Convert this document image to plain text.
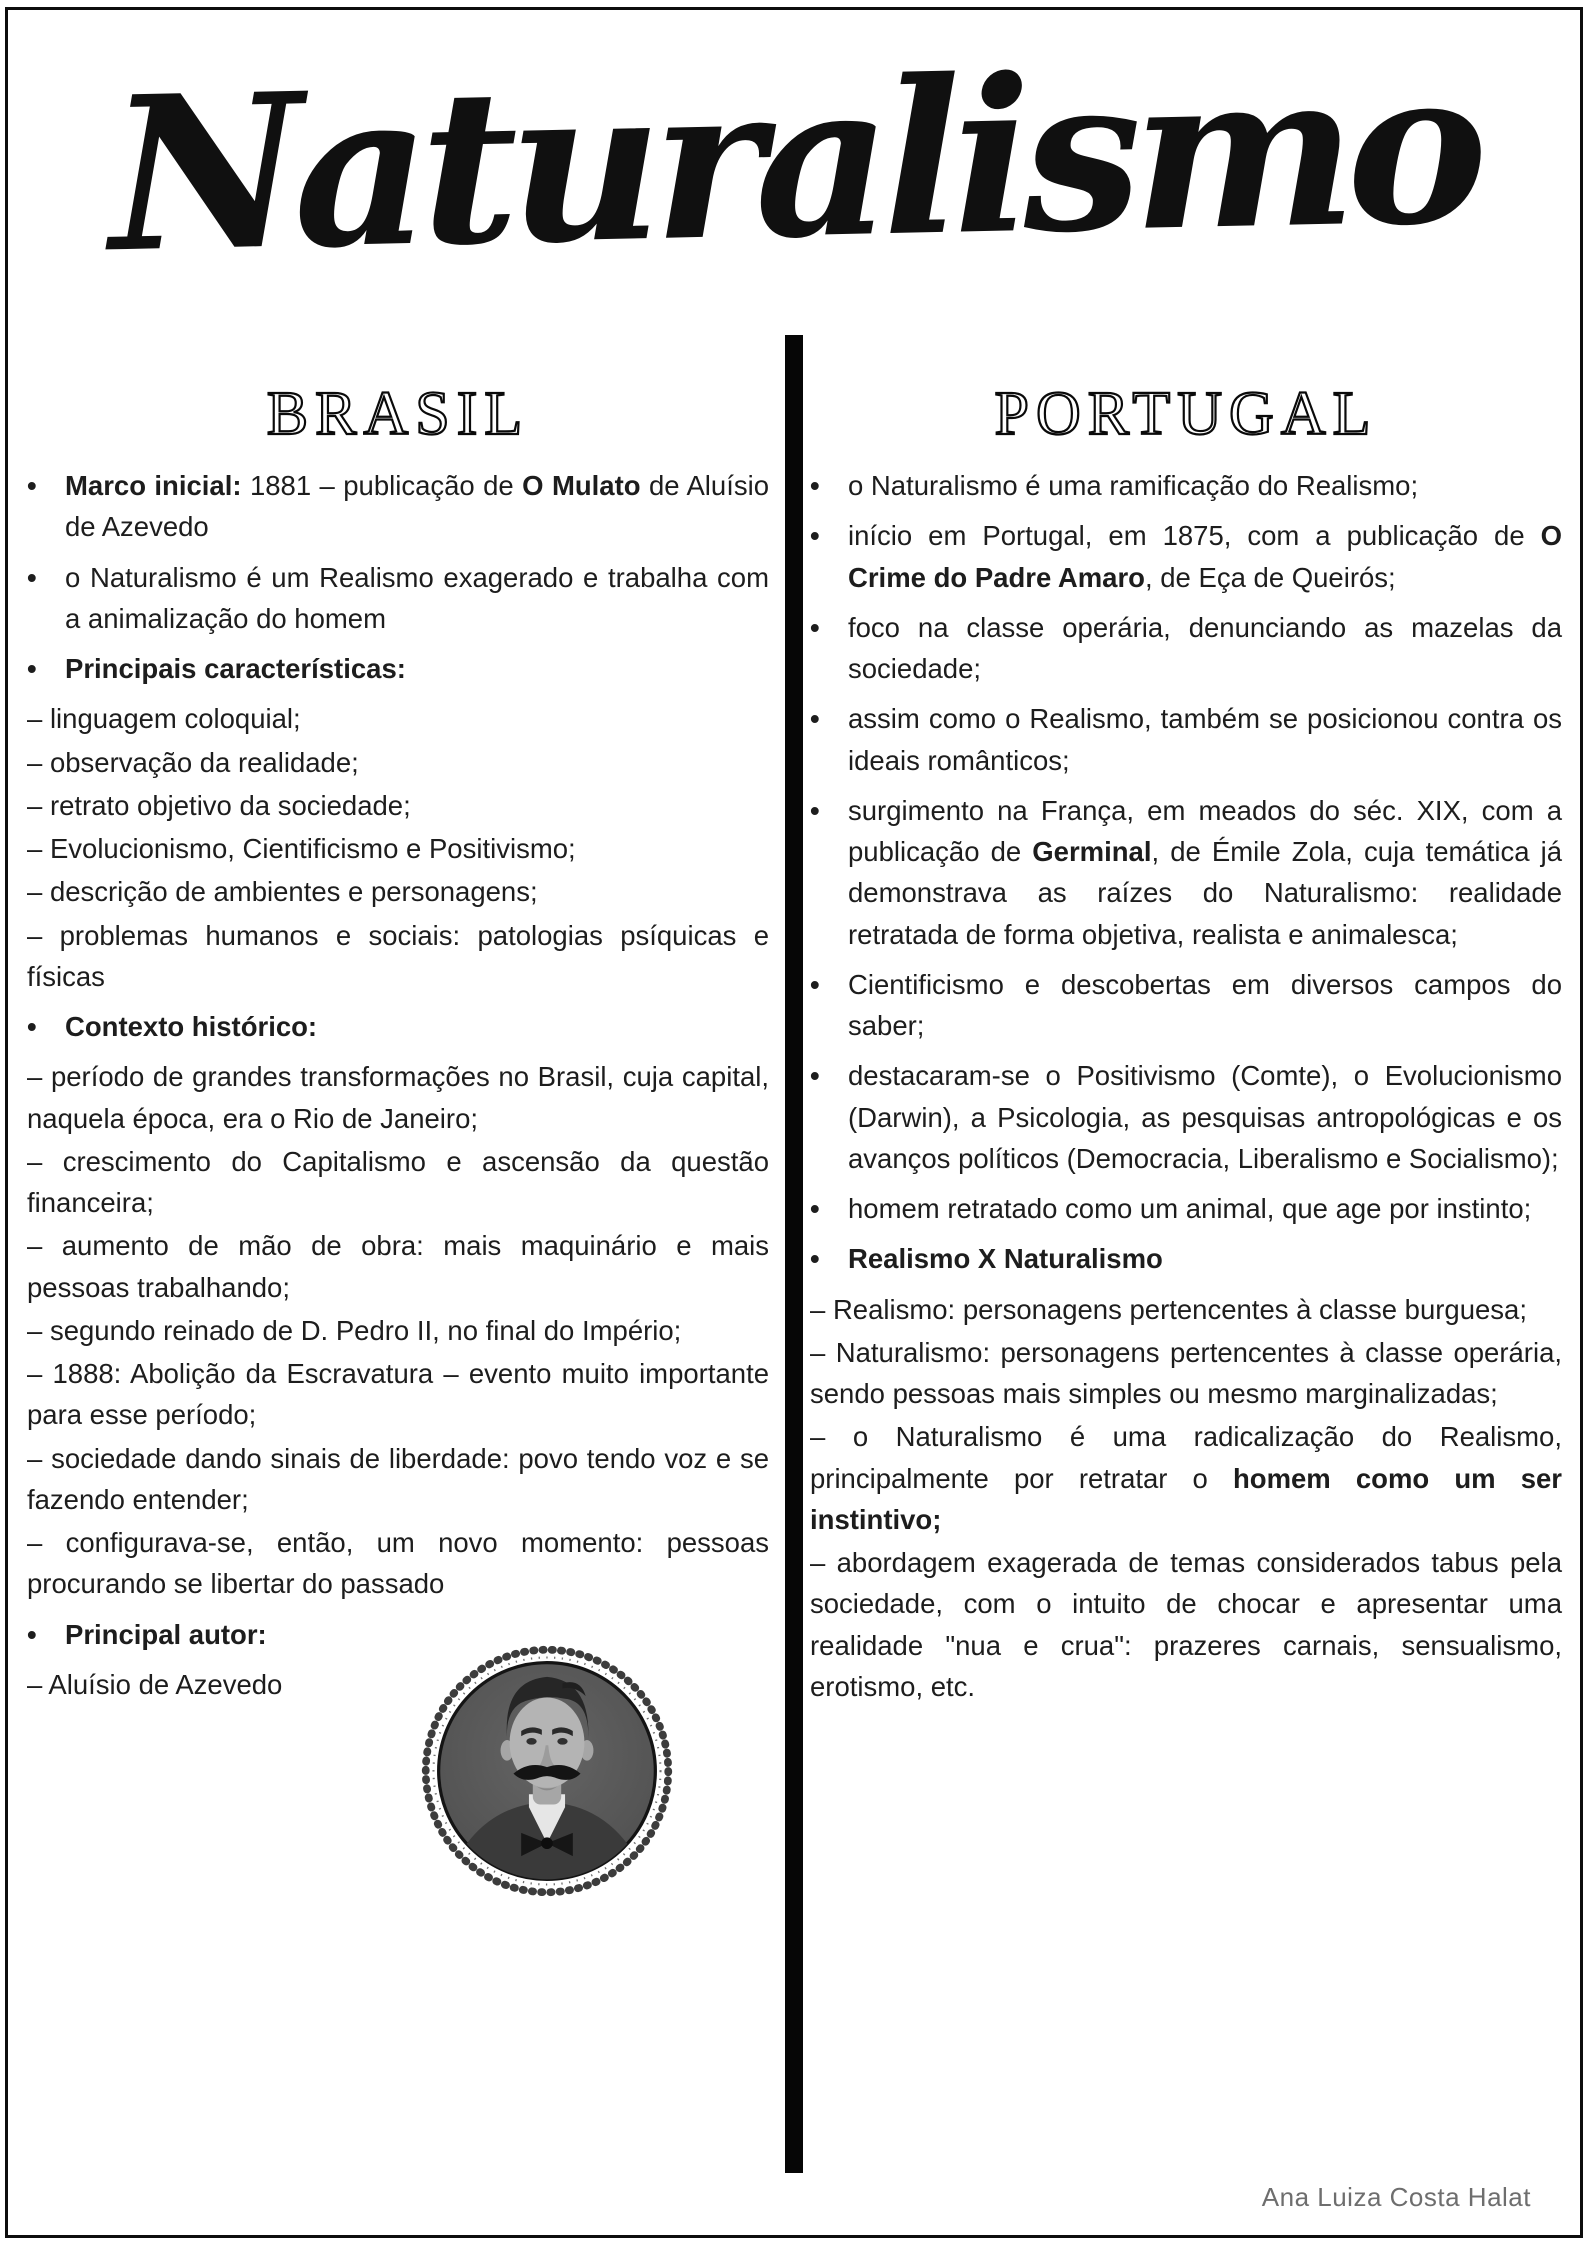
Naturalismo
BRASIL
• Marco inicial: 1881 – publicação de O Mulato de Aluísio de Azevedo
• o Naturalismo é um Realismo exagerado e trabalha com a animalização do homem
• Principais características:
– linguagem coloquial;
– observação da realidade;
– retrato objetivo da sociedade;
– Evolucionismo, Cientificismo e Positivismo;
– descrição de ambientes e personagens;
– problemas humanos e sociais: patologias psíquicas e físicas
• Contexto histórico:
– período de grandes transformações no Brasil, cuja capital, naquela época, era o Rio de Janeiro;
– crescimento do Capitalismo e ascensão da questão financeira;
– aumento de mão de obra: mais maquinário e mais pessoas trabalhando;
– segundo reinado de D. Pedro II, no final do Império;
– 1888: Abolição da Escravatura – evento muito importante para esse período;
– sociedade dando sinais de liberdade: povo tendo voz e se fazendo entender;
– configurava-se, então, um novo momento: pessoas procurando se libertar do passado
• Principal autor:
– Aluísio de Azevedo
PORTUGAL
• o Naturalismo é uma ramificação do Realismo;
• início em Portugal, em 1875, com a publicação de O Crime do Padre Amaro, de Eça de Queirós;
• foco na classe operária, denunciando as mazelas da sociedade;
• assim como o Realismo, também se posicionou contra os ideais românticos;
• surgimento na França, em meados do séc. XIX, com a publicação de Germinal, de Émile Zola, cuja temática já demonstrava as raízes do Naturalismo: realidade retratada de forma objetiva, realista e animalesca;
• Cientificismo e descobertas em diversos campos do saber;
• destacaram-se o Positivismo (Comte), o Evolucionismo (Darwin), a Psicologia, as pesquisas antropológicas e os avanços políticos (Democracia, Liberalismo e Socialismo);
• homem retratado como um animal, que age por instinto;
• Realismo X Naturalismo
– Realismo: personagens pertencentes à classe burguesa;
– Naturalismo: personagens pertencentes à classe operária, sendo pessoas mais simples ou mesmo marginalizadas;
– o Naturalismo é uma radicalização do Realismo, principalmente por retratar o homem como um ser instintivo;
– abordagem exagerada de temas considerados tabus pela sociedade, com o intuito de chocar e apresentar uma realidade "nua e crua": prazeres carnais, sensualismo, erotismo, etc.
Ana Luiza Costa Halat
